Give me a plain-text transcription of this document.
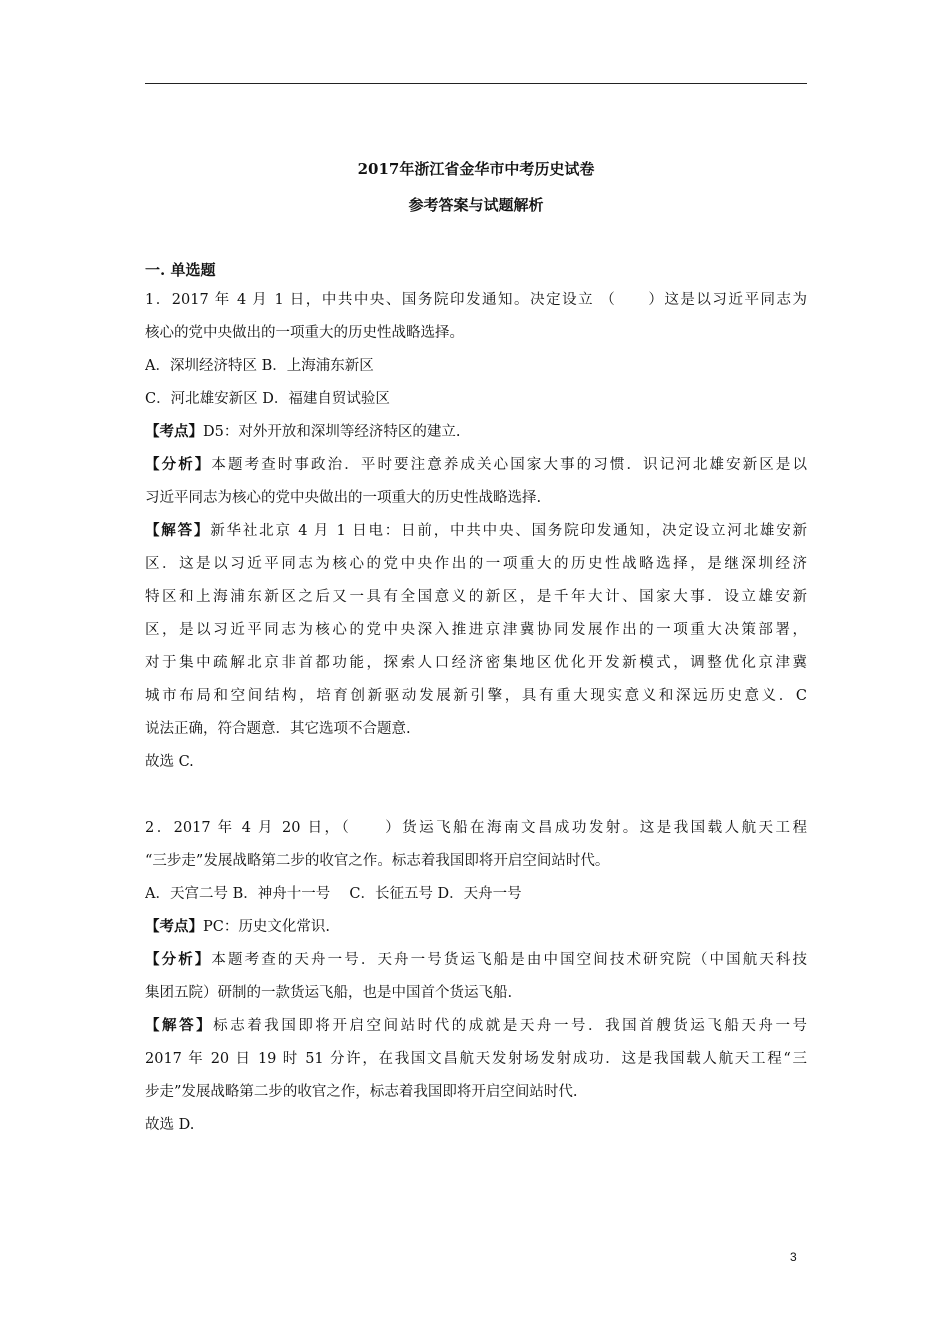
2017年浙江省金华市中考历史试卷
参考答案与试题解析
一. 单选题
1．2017 年 4 月 1 日，中共中央、国务院印发通知。决定设立 （　　）这是以习近平同志为
核心的党中央做出的一项重大的历史性战略选择。
A．深圳经济特区 B．上海浦东新区
C．河北雄安新区 D．福建自贸试验区
【考点】D5：对外开放和深圳等经济特区的建立.
【分析】本题考查时事政治．平时要注意养成关心国家大事的习惯．识记河北雄安新区是以
习近平同志为核心的党中央做出的一项重大的历史性战略选择.
【解答】新华社北京 4 月 1 日电：日前，中共中央、国务院印发通知，决定设立河北雄安新
区．这是以习近平同志为核心的党中央作出的一项重大的历史性战略选择，是继深圳经济
特区和上海浦东新区之后又一具有全国意义的新区，是千年大计、国家大事．设立雄安新
区，是以习近平同志为核心的党中央深入推进京津冀协同发展作出的一项重大决策部署，
对于集中疏解北京非首都功能，探索人口经济密集地区优化开发新模式，调整优化京津冀
城市布局和空间结构，培育创新驱动发展新引擎，具有重大现实意义和深远历史意义．C
说法正确，符合题意．其它选项不合题意.
故选 C.
2．2017 年 4 月 20 日，（　　）货运飞船在海南文昌成功发射。这是我国载人航天工程
“三步走”发展战略第二步的收官之作。标志着我国即将开启空间站时代。
A．天宫二号 B．神舟十一号　 C．长征五号 D．天舟一号
【考点】PC：历史文化常识.
【分析】本题考查的天舟一号．天舟一号货运飞船是由中国空间技术研究院（中国航天科技
集团五院）研制的一款货运飞船，也是中国首个货运飞船.
【解答】标志着我国即将开启空间站时代的成就是天舟一号．我国首艘货运飞船天舟一号
2017 年 20 日 19 时 51 分许，在我国文昌航天发射场发射成功．这是我国载人航天工程“三
步走”发展战略第二步的收官之作，标志着我国即将开启空间站时代.
故选 D.
3
